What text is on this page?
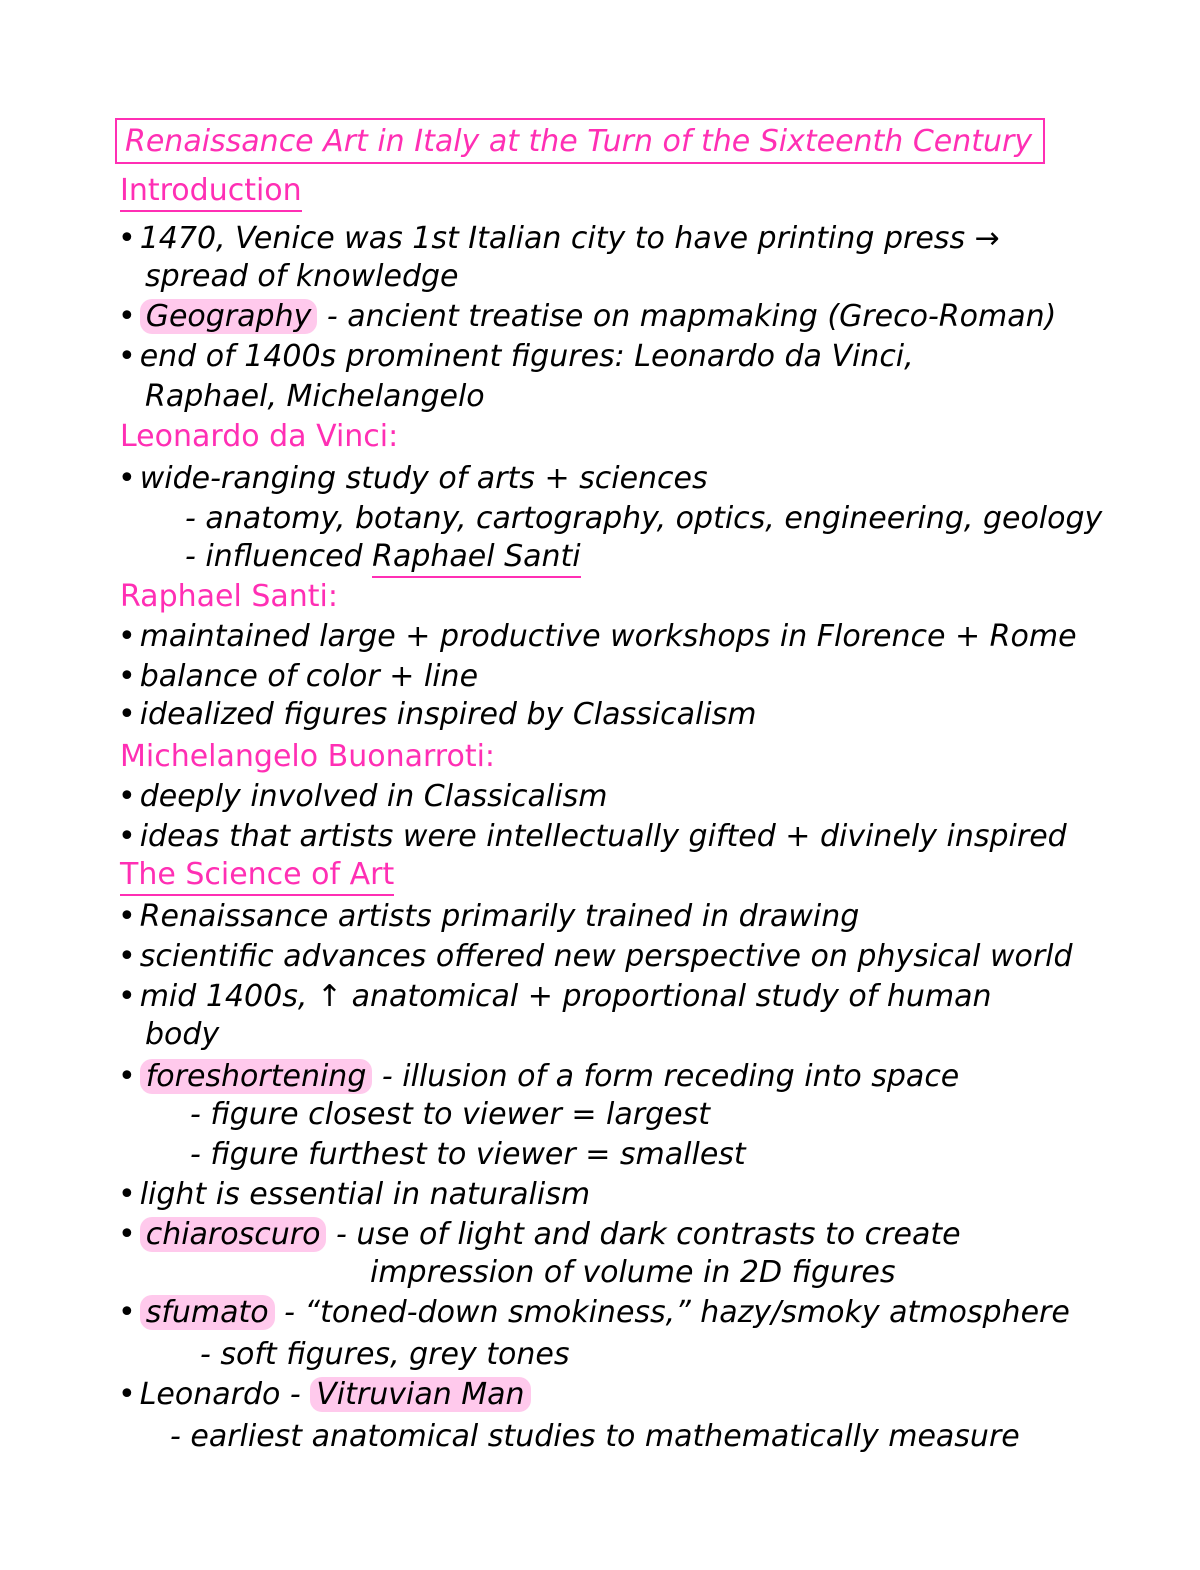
Renaissance Art in Italy at the Turn of the Sixteenth Century
Introduction
• 1470, Venice was 1st Italian city to have printing press →
spread of knowledge
• Geography - ancient treatise on mapmaking (Greco-Roman)
• end of 1400s prominent figures: Leonardo da Vinci,
Raphael, Michelangelo
Leonardo da Vinci:
• wide-ranging study of arts + sciences
- anatomy, botany, cartography, optics, engineering, geology
- influenced Raphael Santi
Raphael Santi:
• maintained large + productive workshops in Florence + Rome
• balance of color + line
• idealized figures inspired by Classicalism
Michelangelo Buonarroti:
• deeply involved in Classicalism
• ideas that artists were intellectually gifted + divinely inspired
The Science of Art
• Renaissance artists primarily trained in drawing
• scientific advances offered new perspective on physical world
• mid 1400s, ↑ anatomical + proportional study of human
body
• foreshortening - illusion of a form receding into space
- figure closest to viewer = largest
- figure furthest to viewer = smallest
• light is essential in naturalism
• chiaroscuro - use of light and dark contrasts to create
impression of volume in 2D figures
• sfumato - “toned-down smokiness,” hazy/smoky atmosphere
- soft figures, grey tones
• Leonardo - Vitruvian Man
- earliest anatomical studies to mathematically measure
